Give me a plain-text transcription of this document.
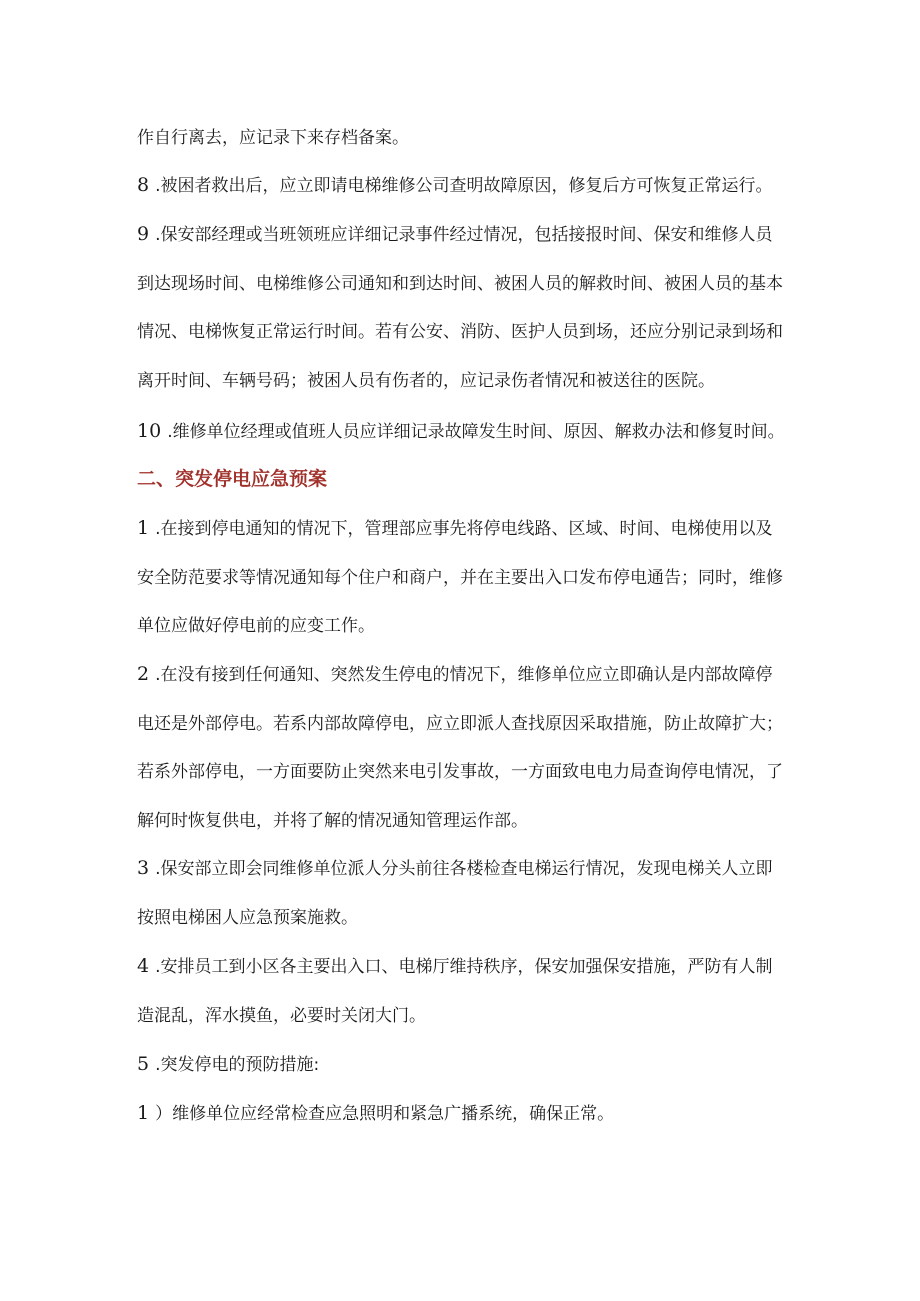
作自行离去，应记录下来存档备案。

8 .被困者救出后，应立即请电梯维修公司查明故障原因，修复后方可恢复正常运行。

9 .保安部经理或当班领班应详细记录事件经过情况，包括接报时间、保安和维修人员到达现场时间、电梯维修公司通知和到达时间、被困人员的解救时间、被困人员的基本情况、电梯恢复正常运行时间。若有公安、消防、医护人员到场，还应分别记录到场和离开时间、车辆号码；被困人员有伤者的，应记录伤者情况和被送往的医院。

10 .维修单位经理或值班人员应详细记录故障发生时间、原因、解救办法和修复时间。

二、突发停电应急预案

1 .在接到停电通知的情况下，管理部应事先将停电线路、区域、时间、电梯使用以及安全防范要求等情况通知每个住户和商户，并在主要出入口发布停电通告；同时，维修单位应做好停电前的应变工作。

2 .在没有接到任何通知、突然发生停电的情况下，维修单位应立即确认是内部故障停电还是外部停电。若系内部故障停电，应立即派人查找原因采取措施，防止故障扩大；若系外部停电，一方面要防止突然来电引发事故，一方面致电电力局查询停电情况，了解何时恢复供电，并将了解的情况通知管理运作部。

3 .保安部立即会同维修单位派人分头前往各楼检查电梯运行情况，发现电梯关人立即按照电梯困人应急预案施救。

4 .安排员工到小区各主要出入口、电梯厅维持秩序，保安加强保安措施，严防有人制造混乱，浑水摸鱼，必要时关闭大门。

5 .突发停电的预防措施:

1 ）维修单位应经常检查应急照明和紧急广播系统，确保正常。
